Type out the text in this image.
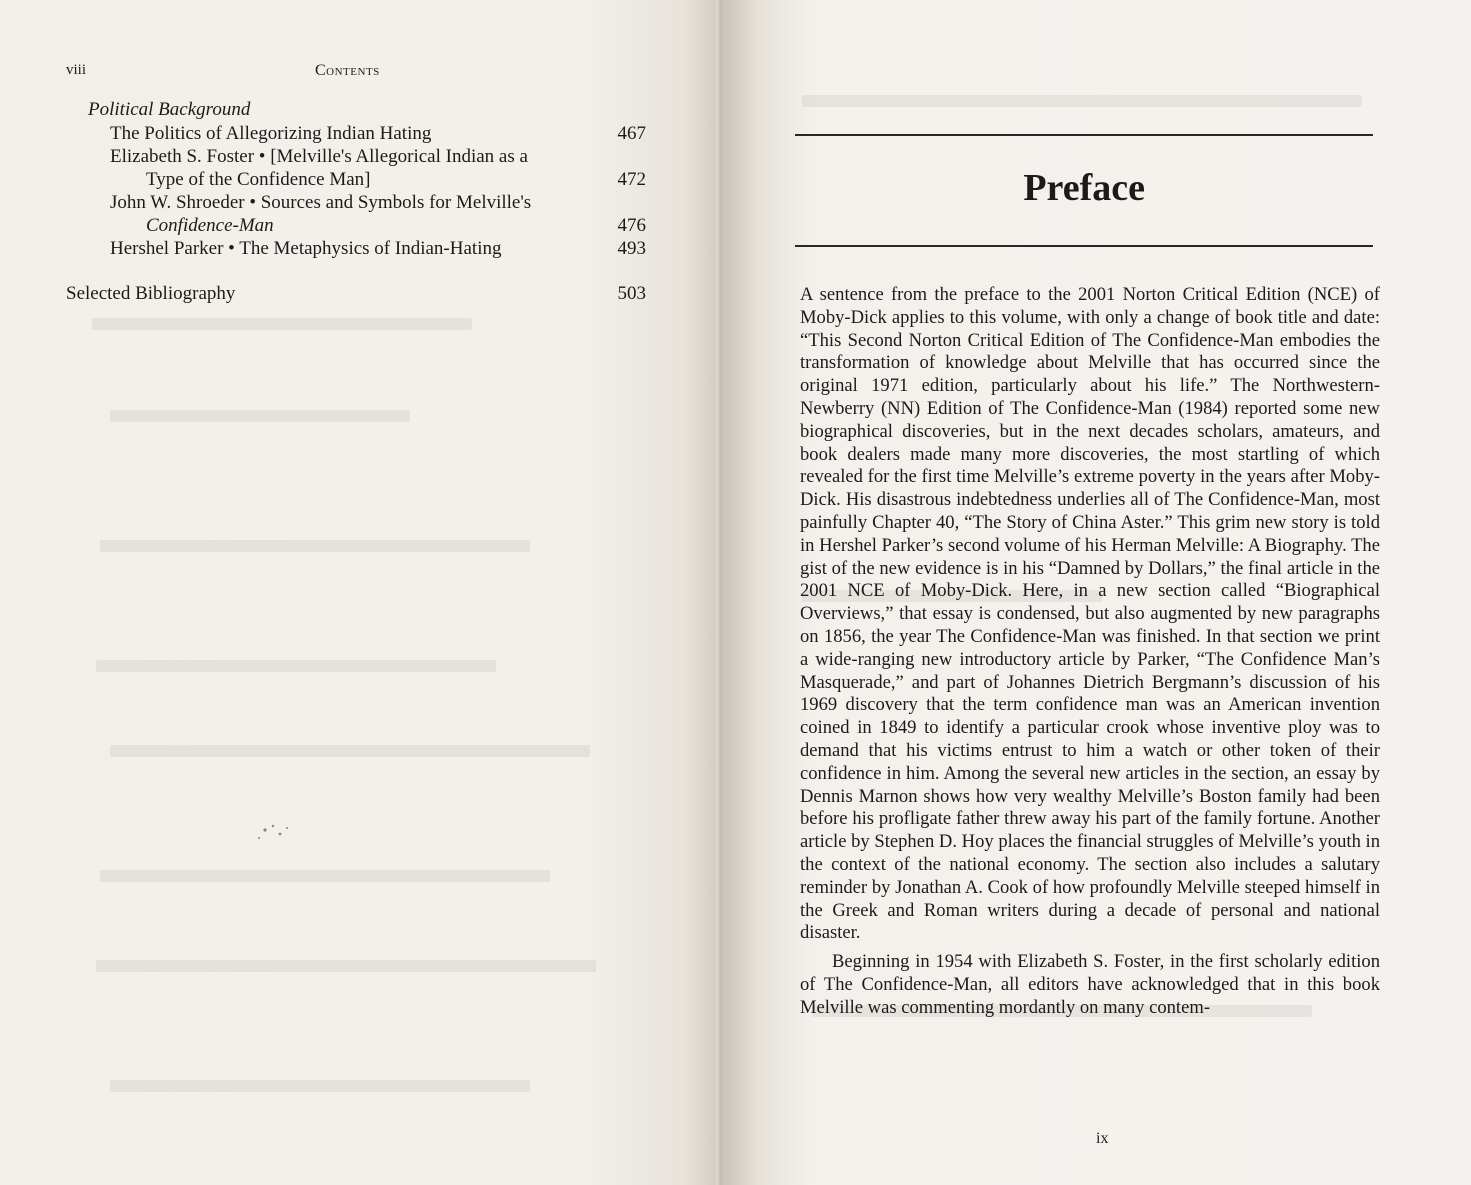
viii	Contents

Political Background

The Politics of Allegorizing Indian Hating	467
Elizabeth S. Foster • [Melville's Allegorical Indian as a
Type of the Confidence Man]	472
John W. Shroeder • Sources and Symbols for Melville's
Confidence-Man	476
Hershel Parker • The Metaphysics of Indian-Hating	493
Selected Bibliography	503
Preface

A sentence from the preface to the 2001 Norton Critical Edition (NCE) of Moby-Dick applies to this volume, with only a change of book title and date: “This Second Norton Critical Edition of The Confidence-Man embodies the transformation of knowledge about Melville that has occurred since the original 1971 edition, particularly about his life.” The Northwestern-Newberry (NN) Edition of The Confidence-Man (1984) reported some new biographical discoveries, but in the next decades scholars, amateurs, and book dealers made many more discoveries, the most startling of which revealed for the first time Melville’s extreme poverty in the years after Moby-Dick. His disastrous indebtedness underlies all of The Confidence-Man, most painfully Chapter 40, “The Story of China Aster.” This grim new story is told in Hershel Parker’s second volume of his Herman Melville: A Biography. The gist of the new evidence is in his “Damned by Dollars,” the final article in the 2001 NCE of Moby-Dick. Here, in a new section called “Biographical Overviews,” that essay is condensed, but also augmented by new paragraphs on 1856, the year The Confidence-Man was finished. In that section we print a wide-ranging new introductory article by Parker, “The Confidence Man’s Masquerade,” and part of Johannes Dietrich Bergmann’s discussion of his 1969 discovery that the term confidence man was an American invention coined in 1849 to identify a particular crook whose inventive ploy was to demand that his victims entrust to him a watch or other token of their confidence in him. Among the several new articles in the section, an essay by Dennis Marnon shows how very wealthy Melville’s Boston family had been before his profligate father threw away his part of the family fortune. Another article by Stephen D. Hoy places the financial struggles of Melville’s youth in the context of the national economy. The section also includes a salutary reminder by Jonathan A. Cook of how profoundly Melville steeped himself in the Greek and Roman writers during a decade of personal and national disaster.

Beginning in 1954 with Elizabeth S. Foster, in the first scholarly edition of The Confidence-Man, all editors have acknowledged that in this book Melville was commenting mordantly on many contem-

ix
